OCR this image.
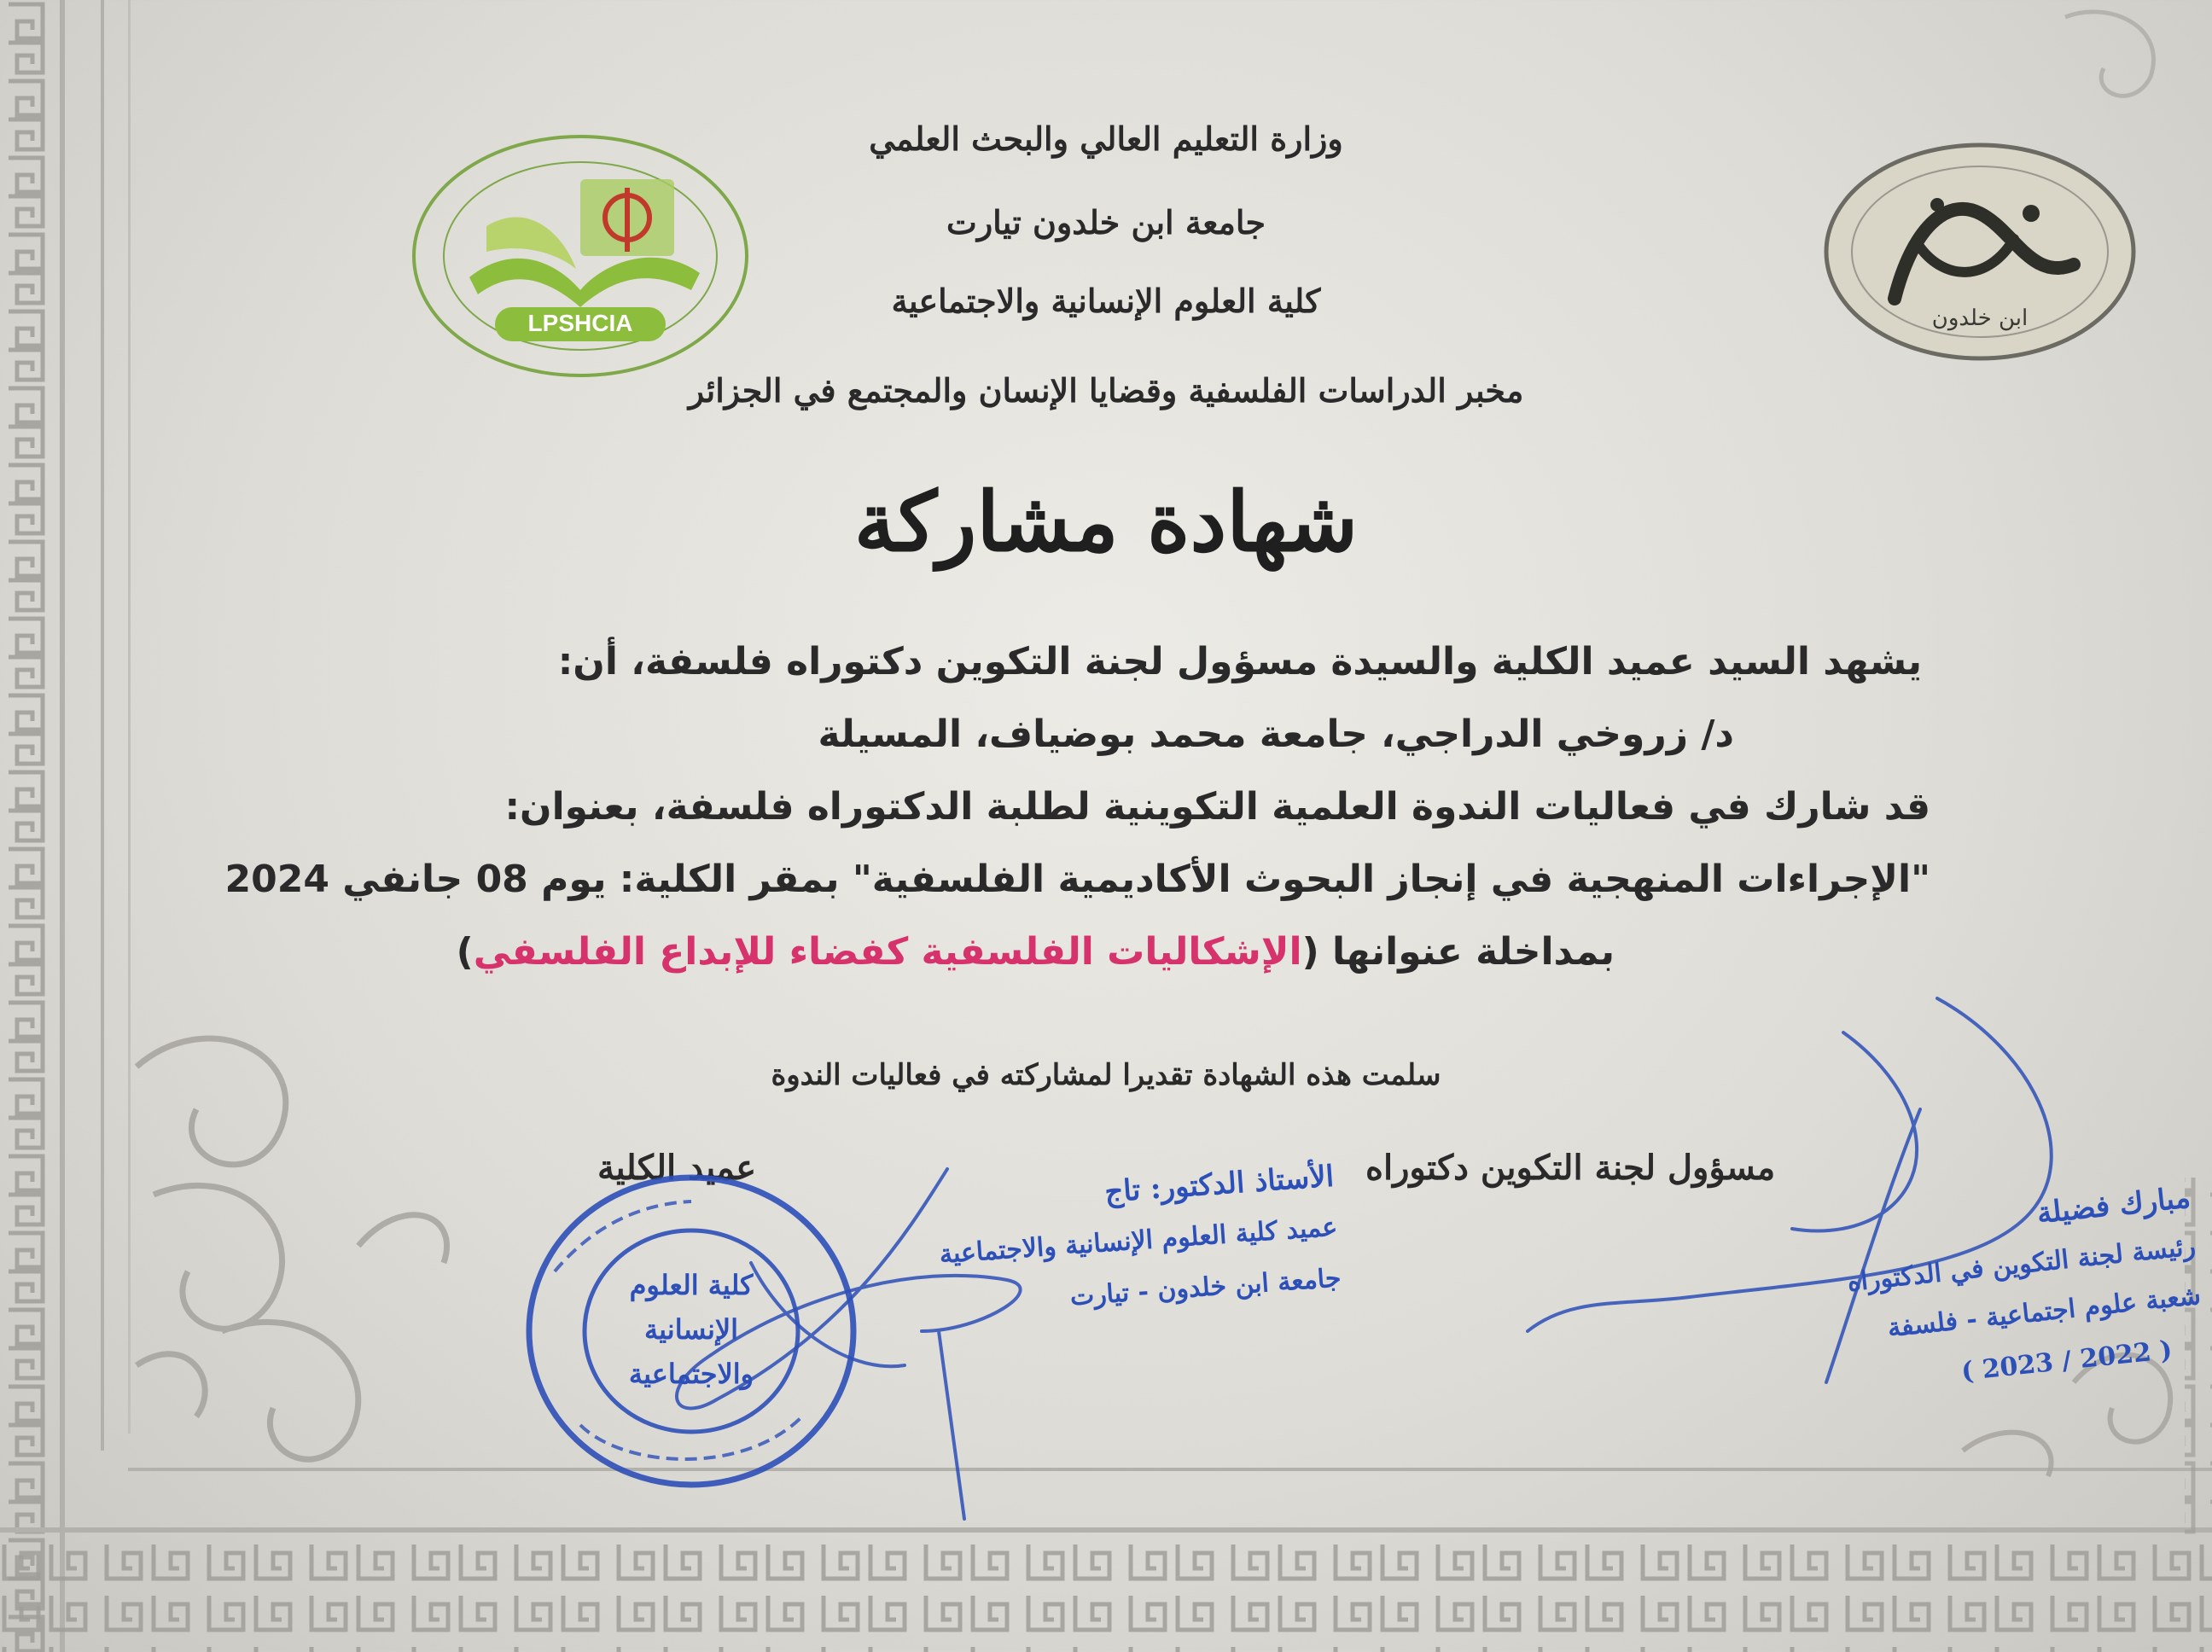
LPSHCIA	ابن خلدون
وزارة التعليم العالي والبحث العلمي
جامعة ابن خلدون تيارت
كلية العلوم الإنسانية والاجتماعية
مخبر الدراسات الفلسفية وقضايا الإنسان والمجتمع في الجزائر
شهادة مشاركة
يشهد السيد عميد الكلية والسيدة مسؤول لجنة التكوين دكتوراه فلسفة، أن:
د/ زروخي الدراجي، جامعة محمد بوضياف، المسيلة
قد شارك في فعاليات الندوة العلمية التكوينية لطلبة الدكتوراه فلسفة، بعنوان:
"الإجراءات المنهجية في إنجاز البحوث الأكاديمية الفلسفية" بمقر الكلية: يوم 08 جانفي 2024
بمداخلة عنوانها (الإشكاليات الفلسفية كفضاء للإبداع الفلسفي)
سلمت هذه الشهادة تقديرا لمشاركته في فعاليات الندوة
عميد الكلية	مسؤول لجنة التكوين دكتوراه
كلية العلوم الإنسانية والاجتماعية
الأستاذ الدكتور: تاج
عميد كلية العلوم الإنسانية والاجتماعية
جامعة ابن خلدون - تيارت
مبارك فضيلة
رئيسة لجنة التكوين في الدكتوراه
شعبة علوم اجتماعية - فلسفة
( 2023 / 2022 )
